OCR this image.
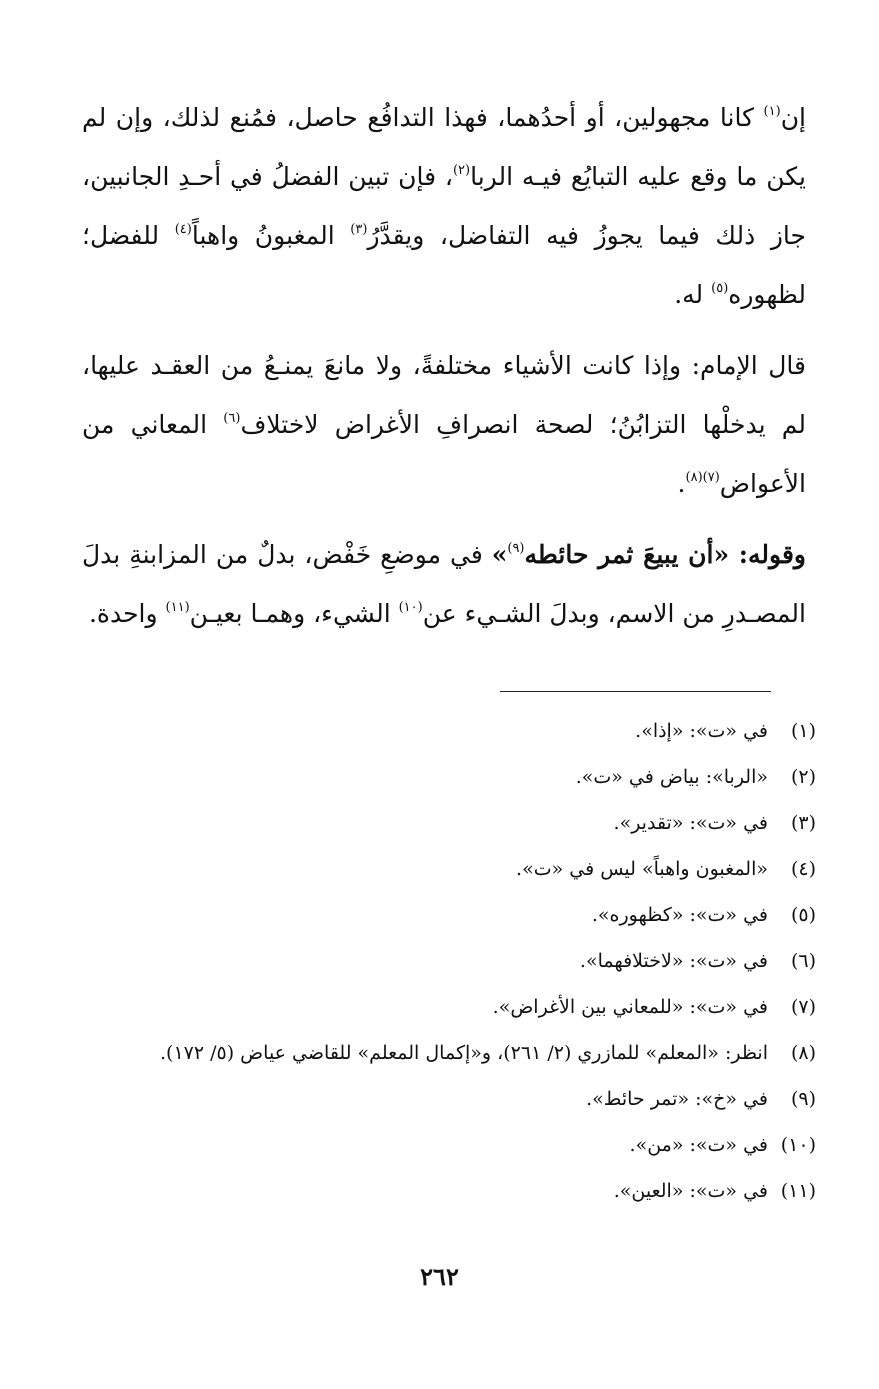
إن$^{(١)}$ كانا مجهولين، أو أحدُهما، فهذا التدافُع حاصل، فمُنع لذلك، وإن لم يكن ما وقع عليه التبايُع فيـه الربا$^{(٢)}$، فإن تبين الفضلُ في أحـدِ الجانبين، جاز ذلك فيما يجوزُ فيه التفاضل، ويقدَّرُ$^{(٣)}$ المغبونُ واهباً$^{(٤)}$ للفضل؛ لظهوره$^{(٥)}$ له.

قال الإمام: وإذا كانت الأشياء مختلفةً، ولا مانعَ يمنـعُ من العقـد عليها، لم يدخلْها التزابُنُ؛ لصحة انصرافِ الأغراض لاختلاف$^{(٦)}$ المعاني من الأعواض$^{(٧)(٨)}$.

وقوله: «أن يبيعَ ثمر حائطه$^{(٩)}$» في موضعِ خَفْض، بدلٌ من المزابنةِ بدلَ المصـدرِ من الاسم، وبدلَ الشـيء عن$^{(١٠)}$ الشيء، وهمـا بعيـن$^{(١١)}$ واحدة.

(١)
في «ت»: «إذا».
(٢)
«الربا»: بياض في «ت».
(٣)
في «ت»: «تقدير».
(٤)
«المغبون واهباً» ليس في «ت».
(٥)
في «ت»: «كظهوره».
(٦)
في «ت»: «لاختلافهما».
(٧)
في «ت»: «للمعاني بين الأغراض».
(٨)
انظر: «المعلم» للمازري (٢/ ٢٦١)، و«إكمال المعلم» للقاضي عياض (٥/ ١٧٢).
(٩)
في «خ»: «تمر حائط».
(١٠)
في «ت»: «من».
(١١)
في «ت»: «العين».
٢٦٢
